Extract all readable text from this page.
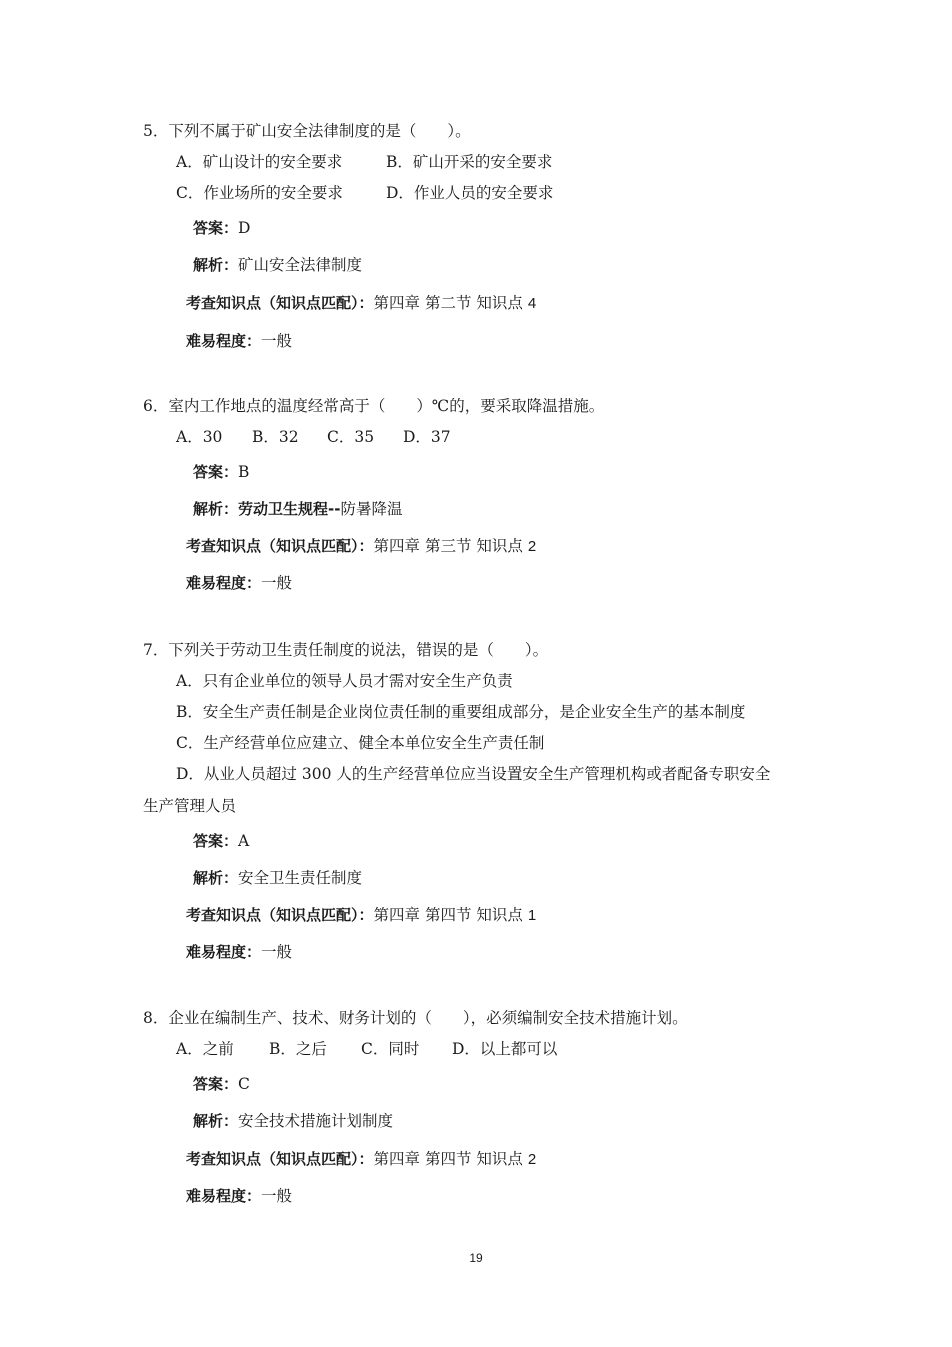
5．下列不属于矿山安全法律制度的是（　　）。
A．矿山设计的安全要求	B．矿山开采的安全要求
C．作业场所的安全要求	D．作业人员的安全要求
答案：D
解析：矿山安全法律制度
考查知识点（知识点匹配）：第四章 第二节 知识点 4
难易程度：一般
6．室内工作地点的温度经常高于（　　）℃的，要采取降温措施。
A．30 B．32 C．35 D．37
答案：B
解析：劳动卫生规程--防暑降温
考查知识点（知识点匹配）：第四章 第三节 知识点 2
难易程度：一般
7．下列关于劳动卫生责任制度的说法，错误的是（　　）。
A．只有企业单位的领导人员才需对安全生产负责
B．安全生产责任制是企业岗位责任制的重要组成部分，是企业安全生产的基本制度
C．生产经营单位应建立、健全本单位安全生产责任制
D．从业人员超过 300 人的生产经营单位应当设置安全生产管理机构或者配备专职安全
生产管理人员
答案：A
解析：安全卫生责任制度
考查知识点（知识点匹配）：第四章 第四节 知识点 1
难易程度：一般
8．企业在编制生产、技术、财务计划的（　　），必须编制安全技术措施计划。
A．之前 B．之后 C．同时 D．以上都可以
答案：C
解析：安全技术措施计划制度
考查知识点（知识点匹配）：第四章 第四节 知识点 2
难易程度：一般
19
